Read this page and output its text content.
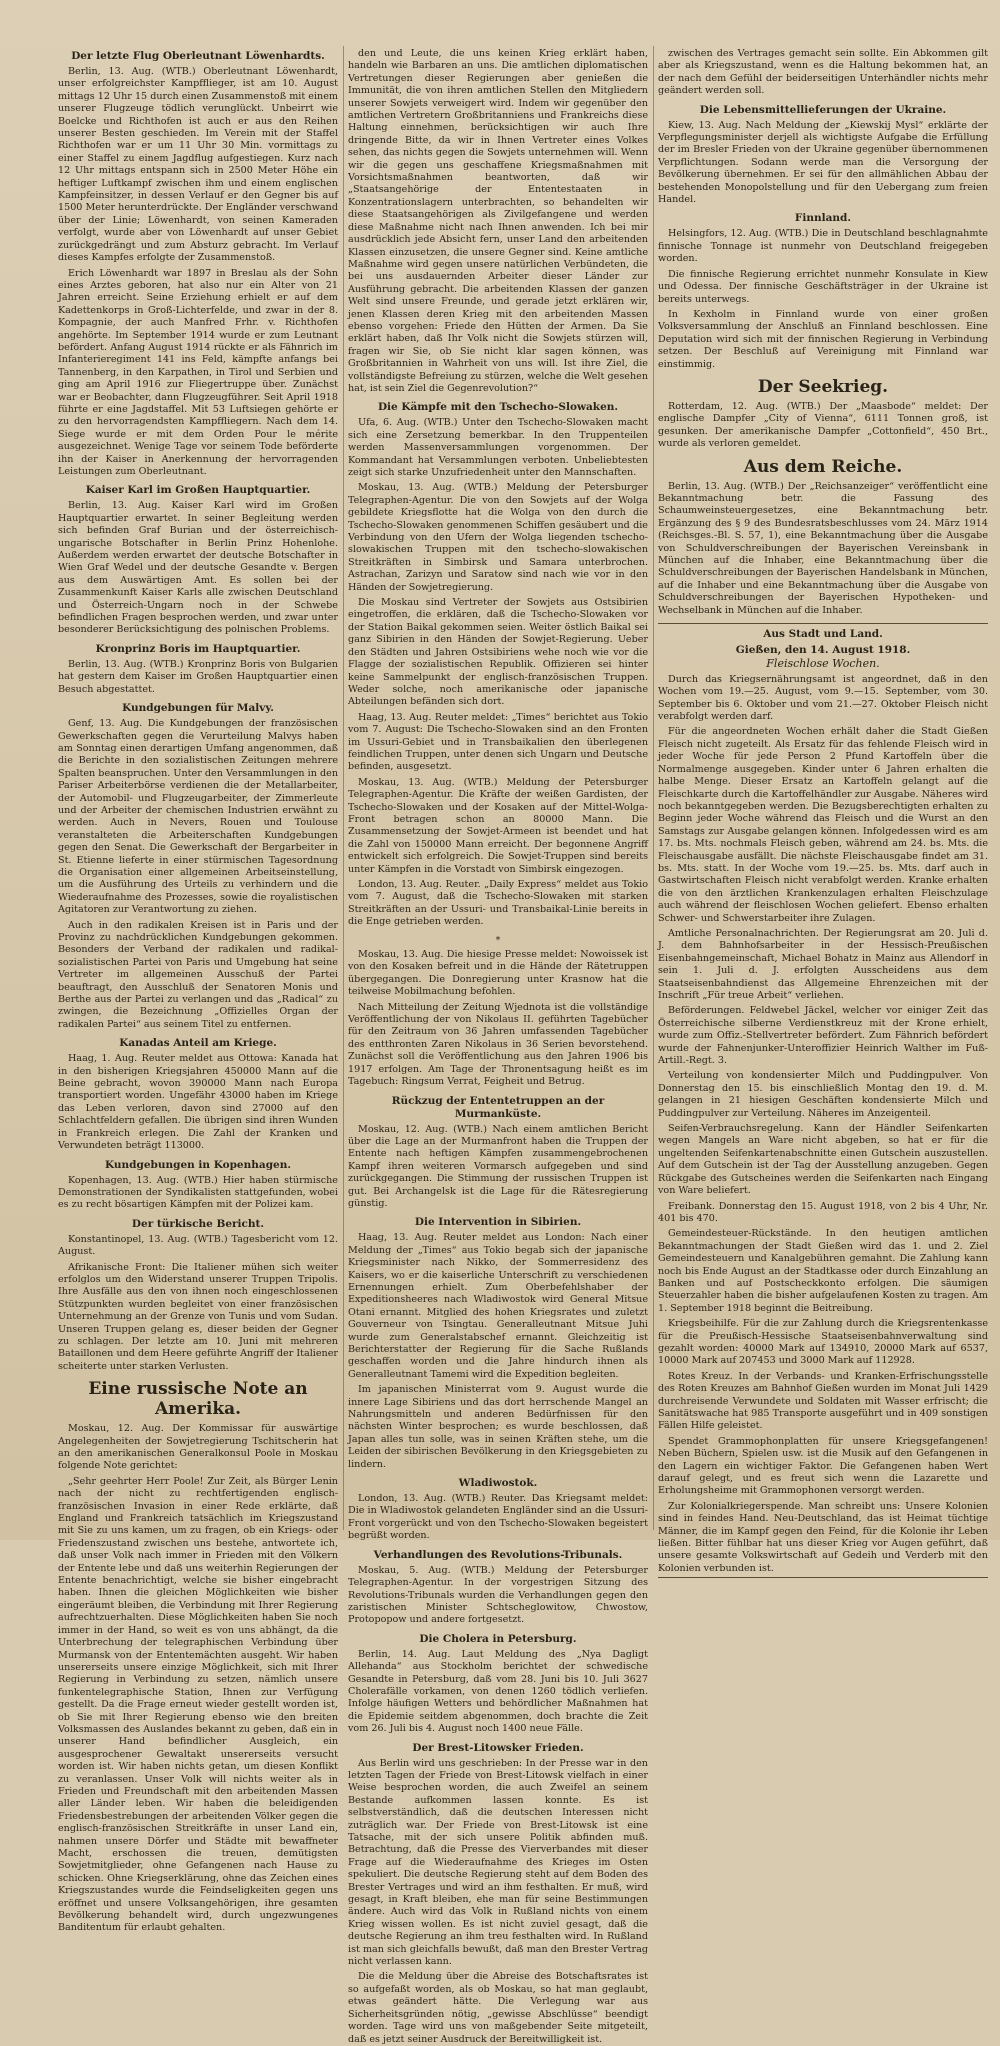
Der letzte Flug Oberleutnant Löwenhardts.

Berlin, 13. Aug. (WTB.) Oberleutnant Löwenhardt, unser erfolgreichster Kampfflieger, ist am 10. August mittags 12 Uhr 15 durch einen Zusammenstoß mit einem unserer Flugzeuge tödlich verunglückt. Unbeirrt wie Boelcke und Richthofen ist auch er aus den Reihen unserer Besten geschieden. Im Verein mit der Staffel Richthofen war er um 11 Uhr 30 Min. vormittags zu einer Staffel zu einem Jagdflug aufgestiegen. Kurz nach 12 Uhr mittags entspann sich in 2500 Meter Höhe ein heftiger Luftkampf zwischen ihm und einem englischen Kampfeinsitzer, in dessen Verlauf er den Gegner bis auf 1500 Meter herunterdrückte. Der Engländer verschwand über der Linie; Löwenhardt, von seinen Kameraden verfolgt, wurde aber von Löwenhardt auf unser Gebiet zurückgedrängt und zum Absturz gebracht. Im Verlauf dieses Kampfes erfolgte der Zusammenstoß.

Erich Löwenhardt war 1897 in Breslau als der Sohn eines Arztes geboren, hat also nur ein Alter von 21 Jahren erreicht. Seine Erziehung erhielt er auf dem Kadettenkorps in Groß-Lichterfelde, und zwar in der 8. Kompagnie, der auch Manfred Frhr. v. Richthofen angehörte. Im September 1914 wurde er zum Leutnant befördert. Anfang August 1914 rückte er als Fähnrich im Infanterieregiment 141 ins Feld, kämpfte anfangs bei Tannenberg, in den Karpathen, in Tirol und Serbien und ging am April 1916 zur Fliegertruppe über. Zunächst war er Beobachter, dann Flugzeugführer. Seit April 1918 führte er eine Jagdstaffel. Mit 53 Luftsiegen gehörte er zu den hervorragendsten Kampffliegern. Nach dem 14. Siege wurde er mit dem Orden Pour le mérite ausgezeichnet. Wenige Tage vor seinem Tode beförderte ihn der Kaiser in Anerkennung der hervorragenden Leistungen zum Oberleutnant.

Kaiser Karl im Großen Hauptquartier.

Berlin, 13. Aug. Kaiser Karl wird im Großen Hauptquartier erwartet. In seiner Begleitung werden sich befinden Graf Burian und der österreichisch-ungarische Botschafter in Berlin Prinz Hohenlohe. Außerdem werden erwartet der deutsche Botschafter in Wien Graf Wedel und der deutsche Gesandte v. Bergen aus dem Auswärtigen Amt. Es sollen bei der Zusammenkunft Kaiser Karls alle zwischen Deutschland und Österreich-Ungarn noch in der Schwebe befindlichen Fragen besprochen werden, und zwar unter besonderer Berücksichtigung des polnischen Problems.

Kronprinz Boris im Hauptquartier.

Berlin, 13. Aug. (WTB.) Kronprinz Boris von Bulgarien hat gestern dem Kaiser im Großen Hauptquartier einen Besuch abgestattet.

Kundgebungen für Malvy.

Genf, 13. Aug. Die Kundgebungen der französischen Gewerkschaften gegen die Verurteilung Malvys haben am Sonntag einen derartigen Umfang angenommen, daß die Berichte in den sozialistischen Zeitungen mehrere Spalten beanspruchen. Unter den Versammlungen in den Pariser Arbeiterbörse verdienen die der Metallarbeiter, der Automobil- und Flugzeugarbeiter, der Zimmerleute und der Arbeiter der chemischen Industrien erwähnt zu werden. Auch in Nevers, Rouen und Toulouse veranstalteten die Arbeiterschaften Kundgebungen gegen den Senat. Die Gewerkschaft der Bergarbeiter in St. Etienne lieferte in einer stürmischen Tagesordnung die Organisation einer allgemeinen Arbeitseinstellung, um die Ausführung des Urteils zu verhindern und die Wiederaufnahme des Prozesses, sowie die royalistischen Agitatoren zur Verantwortung zu ziehen.

Auch in den radikalen Kreisen ist in Paris und der Provinz zu nachdrücklichen Kundgebungen gekommen. Besonders der Verband der radikalen und radikal-sozialistischen Partei von Paris und Umgebung hat seine Vertreter im allgemeinen Ausschuß der Partei beauftragt, den Ausschluß der Senatoren Monis und Berthe aus der Partei zu verlangen und das „Radical“ zu zwingen, die Bezeichnung „Offizielles Organ der radikalen Partei“ aus seinem Titel zu entfernen.

Kanadas Anteil am Kriege.

Haag, 1. Aug. Reuter meldet aus Ottowa: Kanada hat in den bisherigen Kriegsjahren 450000 Mann auf die Beine gebracht, wovon 390000 Mann nach Europa transportiert worden. Ungefähr 43000 haben im Kriege das Leben verloren, davon sind 27000 auf den Schlachtfeldern gefallen. Die übrigen sind ihren Wunden in Frankreich erlegen. Die Zahl der Kranken und Verwundeten beträgt 113000.

Kundgebungen in Kopenhagen.

Kopenhagen, 13. Aug. (WTB.) Hier haben stürmische Demonstrationen der Syndikalisten stattgefunden, wobei es zu recht bösartigen Kämpfen mit der Polizei kam.

Der türkische Bericht.

Konstantinopel, 13. Aug. (WTB.) Tagesbericht vom 12. August.

Afrikanische Front: Die Italiener mühen sich weiter erfolglos um den Widerstand unserer Truppen Tripolis. Ihre Ausfälle aus den von ihnen noch eingeschlossenen Stützpunkten wurden begleitet von einer französischen Unternehmung an der Grenze von Tunis und vom Sudan. Unseren Truppen gelang es, dieser beiden der Gegner zu schlagen. Der letzte am 10. Juni mit mehreren Bataillonen und dem Heere geführte Angriff der Italiener scheiterte unter starken Verlusten.

Eine russische Note an Amerika.

Moskau, 12. Aug. Der Kommissar für auswärtige Angelegenheiten der Sowjetregierung Tschitscherin hat an den amerikanischen Generalkonsul Poole in Moskau folgende Note gerichtet:

„Sehr geehrter Herr Poole! Zur Zeit, als Bürger Lenin nach der nicht zu rechtfertigenden englisch-französischen Invasion in einer Rede erklärte, daß England und Frankreich tatsächlich im Kriegszustand mit Sie zu uns kamen, um zu fragen, ob ein Kriegs- oder Friedenszustand zwischen uns bestehe, antwortete ich, daß unser Volk nach immer in Frieden mit den Völkern der Entente lebe und daß uns weiterhin Regierungen der Entente benachrichtigt, welche sie bisher eingebracht haben. Ihnen die gleichen Möglichkeiten wie bisher eingeräumt bleiben, die Verbindung mit Ihrer Regierung aufrechtzuerhalten. Diese Möglichkeiten haben Sie noch immer in der Hand, so weit es von uns abhängt, da die Unterbrechung der telegraphischen Verbindung über Murmansk von der Ententemächten ausgeht. Wir haben unsererseits unsere einzige Möglichkeit, sich mit Ihrer Regierung in Verbindung zu setzen, nämlich unsere funkentelegraphische Station, Ihnen zur Verfügung gestellt. Da die Frage erneut wieder gestellt worden ist, ob Sie mit Ihrer Regierung ebenso wie den breiten Volksmassen des Auslandes bekannt zu geben, daß ein in unserer Hand befindlicher Ausgleich, ein ausgesprochener Gewaltakt unsererseits versucht worden ist. Wir haben nichts getan, um diesen Konflikt zu veranlassen. Unser Volk will nichts weiter als in Frieden und Freundschaft mit den arbeitenden Massen aller Länder leben. Wir haben die beleidigenden Friedensbestrebungen der arbeitenden Völker gegen die englisch-französischen Streitkräfte in unser Land ein, nahmen unsere Dörfer und Städte mit bewaffneter Macht, erschossen die treuen, demütigsten Sowjetmitglieder, ohne Gefangenen nach Hause zu schicken. Ohne Kriegserklärung, ohne das Zeichen eines Kriegszustandes wurde die Feindseligkeiten gegen uns eröffnet und unsere Volksangehörigen, ihre gesamten Bevölkerung behandelt wird, durch ungezwungenes Banditentum für erlaubt gehalten.

den und Leute, die uns keinen Krieg erklärt haben, handeln wie Barbaren an uns. Die amtlichen diplomatischen Vertretungen dieser Regierungen aber genießen die Immunität, die von ihren amtlichen Stellen den Mitgliedern unserer Sowjets verweigert wird. Indem wir gegenüber den amtlichen Vertretern Großbritanniens und Frankreichs diese Haltung einnehmen, berücksichtigen wir auch Ihre dringende Bitte, da wir in Ihnen Vertreter eines Volkes sehen, das nichts gegen die Sowjets unternehmen will. Wenn wir die gegen uns geschaffene Kriegsmaßnahmen mit Vorsichtsmaßnahmen beantworten, daß wir „Staatsangehörige der Ententestaaten in Konzentrationslagern unterbrachten, so behandelten wir diese Staatsangehörigen als Zivilgefangene und werden diese Maßnahme nicht nach Ihnen anwenden. Ich bei mir ausdrücklich jede Absicht fern, unser Land den arbeitenden Klassen einzusetzen, die unsere Gegner sind. Keine amtliche Maßnahme wird gegen unsere natürlichen Verbündeten, die bei uns ausdauernden Arbeiter dieser Länder zur Ausführung gebracht. Die arbeitenden Klassen der ganzen Welt sind unsere Freunde, und gerade jetzt erklären wir, jenen Klassen deren Krieg mit den arbeitenden Massen ebenso vorgehen: Friede den Hütten der Armen. Da Sie erklärt haben, daß Ihr Volk nicht die Sowjets stürzen will, fragen wir Sie, ob Sie nicht klar sagen können, was Großbritannien in Wahrheit von uns will. Ist ihre Ziel, die vollständigste Befreiung zu stürzen, welche die Welt gesehen hat, ist sein Ziel die Gegenrevolution?“

Die Kämpfe mit den Tschecho-Slowaken.

Ufa, 6. Aug. (WTB.) Unter den Tschecho-Slowaken macht sich eine Zersetzung bemerkbar. In den Truppenteilen werden Massenversammlungen vorgenommen. Der Kommandant hat Versammlungen verboten. Unbeliebtesten zeigt sich starke Unzufriedenheit unter den Mannschaften.

Moskau, 13. Aug. (WTB.) Meldung der Petersburger Telegraphen-Agentur. Die von den Sowjets auf der Wolga gebildete Kriegsflotte hat die Wolga von den durch die Tschecho-Slowaken genommenen Schiffen gesäubert und die Verbindung von den Ufern der Wolga liegenden tschecho-slowakischen Truppen mit den tschecho-slowakischen Streitkräften in Simbirsk und Samara unterbrochen. Astrachan, Zarizyn und Saratow sind nach wie vor in den Händen der Sowjetregierung.

Die Moskau sind Vertreter der Sowjets aus Ostsibirien eingetroffen, die erklären, daß die Tschecho-Slowaken vor der Station Baikal gekommen seien. Weiter östlich Baikal sei ganz Sibirien in den Händen der Sowjet-Regierung. Ueber den Städten und Jahren Ostsibiriens wehe noch wie vor die Flagge der sozialistischen Republik. Offizieren sei hinter keine Sammelpunkt der englisch-französischen Truppen. Weder solche, noch amerikanische oder japanische Abteilungen befänden sich dort.

Haag, 13. Aug. Reuter meldet: „Times“ berichtet aus Tokio vom 7. August: Die Tschecho-Slowaken sind an den Fronten im Ussuri-Gebiet und in Transbaikalien den überlegenen feindlichen Truppen, unter denen sich Ungarn und Deutsche befinden, ausgesetzt.

Moskau, 13. Aug. (WTB.) Meldung der Petersburger Telegraphen-Agentur. Die Kräfte der weißen Gardisten, der Tschecho-Slowaken und der Kosaken auf der Mittel-Wolga-Front betragen schon an 80000 Mann. Die Zusammensetzung der Sowjet-Armeen ist beendet und hat die Zahl von 150000 Mann erreicht. Der begonnene Angriff entwickelt sich erfolgreich. Die Sowjet-Truppen sind bereits unter Kämpfen in die Vorstadt von Simbirsk eingezogen.

London, 13. Aug. Reuter. „Daily Express“ meldet aus Tokio vom 7. August, daß die Tschecho-Slowaken mit starken Streitkräften an der Ussuri- und Transbaikal-Linie bereits in die Enge getrieben werden.

*

Moskau, 13. Aug. Die hiesige Presse meldet: Nowoissek ist von den Kosaken befreit und in die Hände der Rätetruppen übergegangen. Die Donregierung unter Krasnow hat die teilweise Mobilmachung befohlen.

Nach Mitteilung der Zeitung Wjednota ist die vollständige Veröffentlichung der von Nikolaus II. geführten Tagebücher für den Zeitraum von 36 Jahren umfassenden Tagebücher des entthronten Zaren Nikolaus in 36 Serien bevorstehend. Zunächst soll die Veröffentlichung aus den Jahren 1906 bis 1917 erfolgen. Am Tage der Thronentsagung heißt es im Tagebuch: Ringsum Verrat, Feigheit und Betrug.

Rückzug der Ententetruppen an der Murmanküste.

Moskau, 12. Aug. (WTB.) Nach einem amtlichen Bericht über die Lage an der Murmanfront haben die Truppen der Entente nach heftigen Kämpfen zusammengebrochenen Kampf ihren weiteren Vormarsch aufgegeben und sind zurückgegangen. Die Stimmung der russischen Truppen ist gut. Bei Archangelsk ist die Lage für die Rätesregierung günstig.

Die Intervention in Sibirien.

Haag, 13. Aug. Reuter meldet aus London: Nach einer Meldung der „Times“ aus Tokio begab sich der japanische Kriegsminister nach Nikko, der Sommerresidenz des Kaisers, wo er die kaiserliche Unterschrift zu verschiedenen Ernennungen erhielt. Zum Oberbefehlshaber der Expeditionsheeres nach Wladiwostok wird General Mitsue Otani ernannt. Mitglied des hohen Kriegsrates und zuletzt Gouverneur von Tsingtau. Generalleutnant Mitsue Juhi wurde zum Generalstabschef ernannt. Gleichzeitig ist Berichterstatter der Regierung für die Sache Rußlands geschaffen worden und die Jahre hindurch ihnen als Generalleutnant Tamemi wird die Expedition begleiten.

Im japanischen Ministerrat vom 9. August wurde die innere Lage Sibiriens und das dort herrschende Mangel an Nahrungsmitteln und anderen Bedürfnissen für den nächsten Winter besprochen; es wurde beschlossen, daß Japan alles tun solle, was in seinen Kräften stehe, um die Leiden der sibirischen Bevölkerung in den Kriegsgebieten zu lindern.

Wladiwostok.

London, 13. Aug. (WTB.) Reuter. Das Kriegsamt meldet: Die in Wladiwostok gelandeten Engländer sind an die Ussuri-Front vorgerückt und von den Tschecho-Slowaken begeistert begrüßt worden.

Verhandlungen des Revolutions-Tribunals.

Moskau, 5. Aug. (WTB.) Meldung der Petersburger Telegraphen-Agentur. In der vorgestrigen Sitzung des Revolutions-Tribunals wurden die Verhandlungen gegen den zaristischen Minister Schtscheglowitow, Chwostow, Protopopow und andere fortgesetzt.

Die Cholera in Petersburg.

Berlin, 14. Aug. Laut Meldung des „Nya Dagligt Allehanda“ aus Stockholm berichtet der schwedische Gesandte in Petersburg, daß vom 28. Juni bis 10. Juli 3627 Cholerafälle vorkamen, von denen 1260 tödlich verliefen. Infolge häufigen Wetters und behördlicher Maßnahmen hat die Epidemie seitdem abgenommen, doch brachte die Zeit vom 26. Juli bis 4. August noch 1400 neue Fälle.

Der Brest-Litowsker Frieden.

Aus Berlin wird uns geschrieben: In der Presse war in den letzten Tagen der Friede von Brest-Litowsk vielfach in einer Weise besprochen worden, die auch Zweifel an seinem Bestande aufkommen lassen konnte. Es ist selbstverständlich, daß die deutschen Interessen nicht zuträglich war. Der Friede von Brest-Litowsk ist eine Tatsache, mit der sich unsere Politik abfinden muß. Betrachtung, daß die Presse des Vierverbandes mit dieser Frage auf die Wiederaufnahme des Krieges im Osten spekuliert. Die deutsche Regierung steht auf dem Boden des Brester Vertrages und wird an ihm festhalten. Er muß, wird gesagt, in Kraft bleiben, ehe man für seine Bestimmungen ändere. Auch wird das Volk in Rußland nichts von einem Krieg wissen wollen. Es ist nicht zuviel gesagt, daß die deutsche Regierung an ihm treu festhalten wird. In Rußland ist man sich gleichfalls bewußt, daß man den Brester Vertrag nicht verlassen kann.

Die die Meldung über die Abreise des Botschaftsrates ist so aufgefaßt worden, als ob Moskau, so hat man geglaubt, etwas geändert hätte. Die Verlegung war aus Sicherheitsgründen nötig, „gewisse Abschlüsse“ beendigt worden. Tage wird uns von maßgebender Seite mitgeteilt, daß es jetzt seiner Ausdruck der Bereitwilligkeit ist.

zwischen des Vertrages gemacht sein sollte. Ein Abkommen gilt aber als Kriegszustand, wenn es die Haltung bekommen hat, an der nach dem Gefühl der beiderseitigen Unterhändler nichts mehr geändert werden soll.

Die Lebensmittellieferungen der Ukraine.

Kiew, 13. Aug. Nach Meldung der „Kiewskij Mysl“ erklärte der Verpflegungsminister derjell als wichtigste Aufgabe die Erfüllung der im Bresler Frieden von der Ukraine gegenüber übernommenen Verpflichtungen. Sodann werde man die Versorgung der Bevölkerung übernehmen. Er sei für den allmählichen Abbau der bestehenden Monopolstellung und für den Uebergang zum freien Handel.

Finnland.

Helsingfors, 12. Aug. (WTB.) Die in Deutschland beschlagnahmte finnische Tonnage ist nunmehr von Deutschland freigegeben worden.

Die finnische Regierung errichtet nunmehr Konsulate in Kiew und Odessa. Der finnische Geschäftsträger in der Ukraine ist bereits unterwegs.

In Kexholm in Finnland wurde von einer großen Volksversammlung der Anschluß an Finnland beschlossen. Eine Deputation wird sich mit der finnischen Regierung in Verbindung setzen. Der Beschluß auf Vereinigung mit Finnland war einstimmig.

Der Seekrieg.

Rotterdam, 12. Aug. (WTB.) Der „Maasbode“ meldet: Der englische Dampfer „City of Vienna“, 6111 Tonnen groß, ist gesunken. Der amerikanische Dampfer „Cottonfield“, 450 Brt., wurde als verloren gemeldet.

Aus dem Reiche.

Berlin, 13. Aug. (WTB.) Der „Reichsanzeiger“ veröffentlicht eine Bekanntmachung betr. die Fassung des Schaumweinsteuergesetzes, eine Bekanntmachung betr. Ergänzung des § 9 des Bundesratsbeschlusses vom 24. März 1914 (Reichsges.-Bl. S. 57, 1), eine Bekanntmachung über die Ausgabe von Schuldverschreibungen der Bayerischen Vereinsbank in München auf die Inhaber, eine Bekanntmachung über die Schuldverschreibungen der Bayerischen Handelsbank in München, auf die Inhaber und eine Bekanntmachung über die Ausgabe von Schuldverschreibungen der Bayerischen Hypotheken- und Wechselbank in München auf die Inhaber.

Aus Stadt und Land.
Gießen, den 14. August 1918.
Fleischlose Wochen.

Durch das Kriegsernährungsamt ist angeordnet, daß in den Wochen vom 19.—25. August, vom 9.—15. September, vom 30. September bis 6. Oktober und vom 21.—27. Oktober Fleisch nicht verabfolgt werden darf.

Für die angeordneten Wochen erhält daher die Stadt Gießen Fleisch nicht zugeteilt. Als Ersatz für das fehlende Fleisch wird in jeder Woche für jede Person 2 Pfund Kartoffeln über die Normalmenge ausgegeben. Kinder unter 6 Jahren erhalten die halbe Menge. Dieser Ersatz an Kartoffeln gelangt auf die Fleischkarte durch die Kartoffelhändler zur Ausgabe. Näheres wird noch bekanntgegeben werden. Die Bezugsberechtigten erhalten zu Beginn jeder Woche während das Fleisch und die Wurst an den Samstags zur Ausgabe gelangen können. Infolgedessen wird es am 17. bs. Mts. nochmals Fleisch geben, während am 24. bs. Mts. die Fleischausgabe ausfällt. Die nächste Fleischausgabe findet am 31. bs. Mts. statt. In der Woche vom 19.—25. bs. Mts. darf auch in Gastwirtschaften Fleisch nicht verabfolgt werden. Kranke erhalten die von den ärztlichen Krankenzulagen erhalten Fleischzulage auch während der fleischlosen Wochen geliefert. Ebenso erhalten Schwer- und Schwerstarbeiter ihre Zulagen.

Amtliche Personalnachrichten. Der Regierungsrat am 20. Juli d. J. dem Bahnhofsarbeiter in der Hessisch-Preußischen Eisenbahngemeinschaft, Michael Bohatz in Mainz aus Allendorf in sein 1. Juli d. J. erfolgten Ausscheidens aus dem Staatseisenbahndienst das Allgemeine Ehrenzeichen mit der Inschrift „Für treue Arbeit“ verliehen.

Beförderungen. Feldwebel Jäckel, welcher vor einiger Zeit das Österreichische silberne Verdienstkreuz mit der Krone erhielt, wurde zum Offiz.-Stellvertreter befördert. Zum Fähnrich befördert wurde der Fahnenjunker-Unteroffizier Heinrich Walther im Fuß-Artill.-Regt. 3.

Verteilung von kondensierter Milch und Puddingpulver. Von Donnerstag den 15. bis einschließlich Montag den 19. d. M. gelangen in 21 hiesigen Geschäften kondensierte Milch und Puddingpulver zur Verteilung. Näheres im Anzeigenteil.

Seifen-Verbrauchsregelung. Kann der Händler Seifenkarten wegen Mangels an Ware nicht abgeben, so hat er für die ungeltenden Seifenkartenabschnitte einen Gutschein auszustellen. Auf dem Gutschein ist der Tag der Ausstellung anzugeben. Gegen Rückgabe des Gutscheines werden die Seifenkarten nach Eingang von Ware beliefert.

Freibank. Donnerstag den 15. August 1918, von 2 bis 4 Uhr, Nr. 401 bis 470.

Gemeindesteuer-Rückstände. In den heutigen amtlichen Bekanntmachungen der Stadt Gießen wird das 1. und 2. Ziel Gemeindesteuern und Kanalgebühren gemahnt. Die Zahlung kann noch bis Ende August an der Stadtkasse oder durch Einzahlung an Banken und auf Postscheckkonto erfolgen. Die säumigen Steuerzahler haben die bisher aufgelaufenen Kosten zu tragen. Am 1. September 1918 beginnt die Beitreibung.

Kriegsbeihilfe. Für die zur Zahlung durch die Kriegsrentenkasse für die Preußisch-Hessische Staatseisenbahnverwaltung sind gezahlt worden: 40000 Mark auf 134910, 20000 Mark auf 6537, 10000 Mark auf 207453 und 3000 Mark auf 112928.

Rotes Kreuz. In der Verbands- und Kranken-Erfrischungsstelle des Roten Kreuzes am Bahnhof Gießen wurden im Monat Juli 1429 durchreisende Verwundete und Soldaten mit Wasser erfrischt; die Sanitätswache hat 985 Transporte ausgeführt und in 409 sonstigen Fällen Hilfe geleistet.

Spendet Grammophonplatten für unsere Kriegsgefangenen! Neben Büchern, Spielen usw. ist die Musik auf den Gefangenen in den Lagern ein wichtiger Faktor. Die Gefangenen haben Wert darauf gelegt, und es freut sich wenn die Lazarette und Erholungsheime mit Grammophonen versorgt werden.

Zur Kolonialkriegerspende. Man schreibt uns: Unsere Kolonien sind in feindes Hand. Neu-Deutschland, das ist Heimat tüchtige Männer, die im Kampf gegen den Feind, für die Kolonie ihr Leben ließen. Bitter fühlbar hat uns dieser Krieg vor Augen geführt, daß unsere gesamte Volkswirtschaft auf Gedeih und Verderb mit den Kolonien verbunden ist.
